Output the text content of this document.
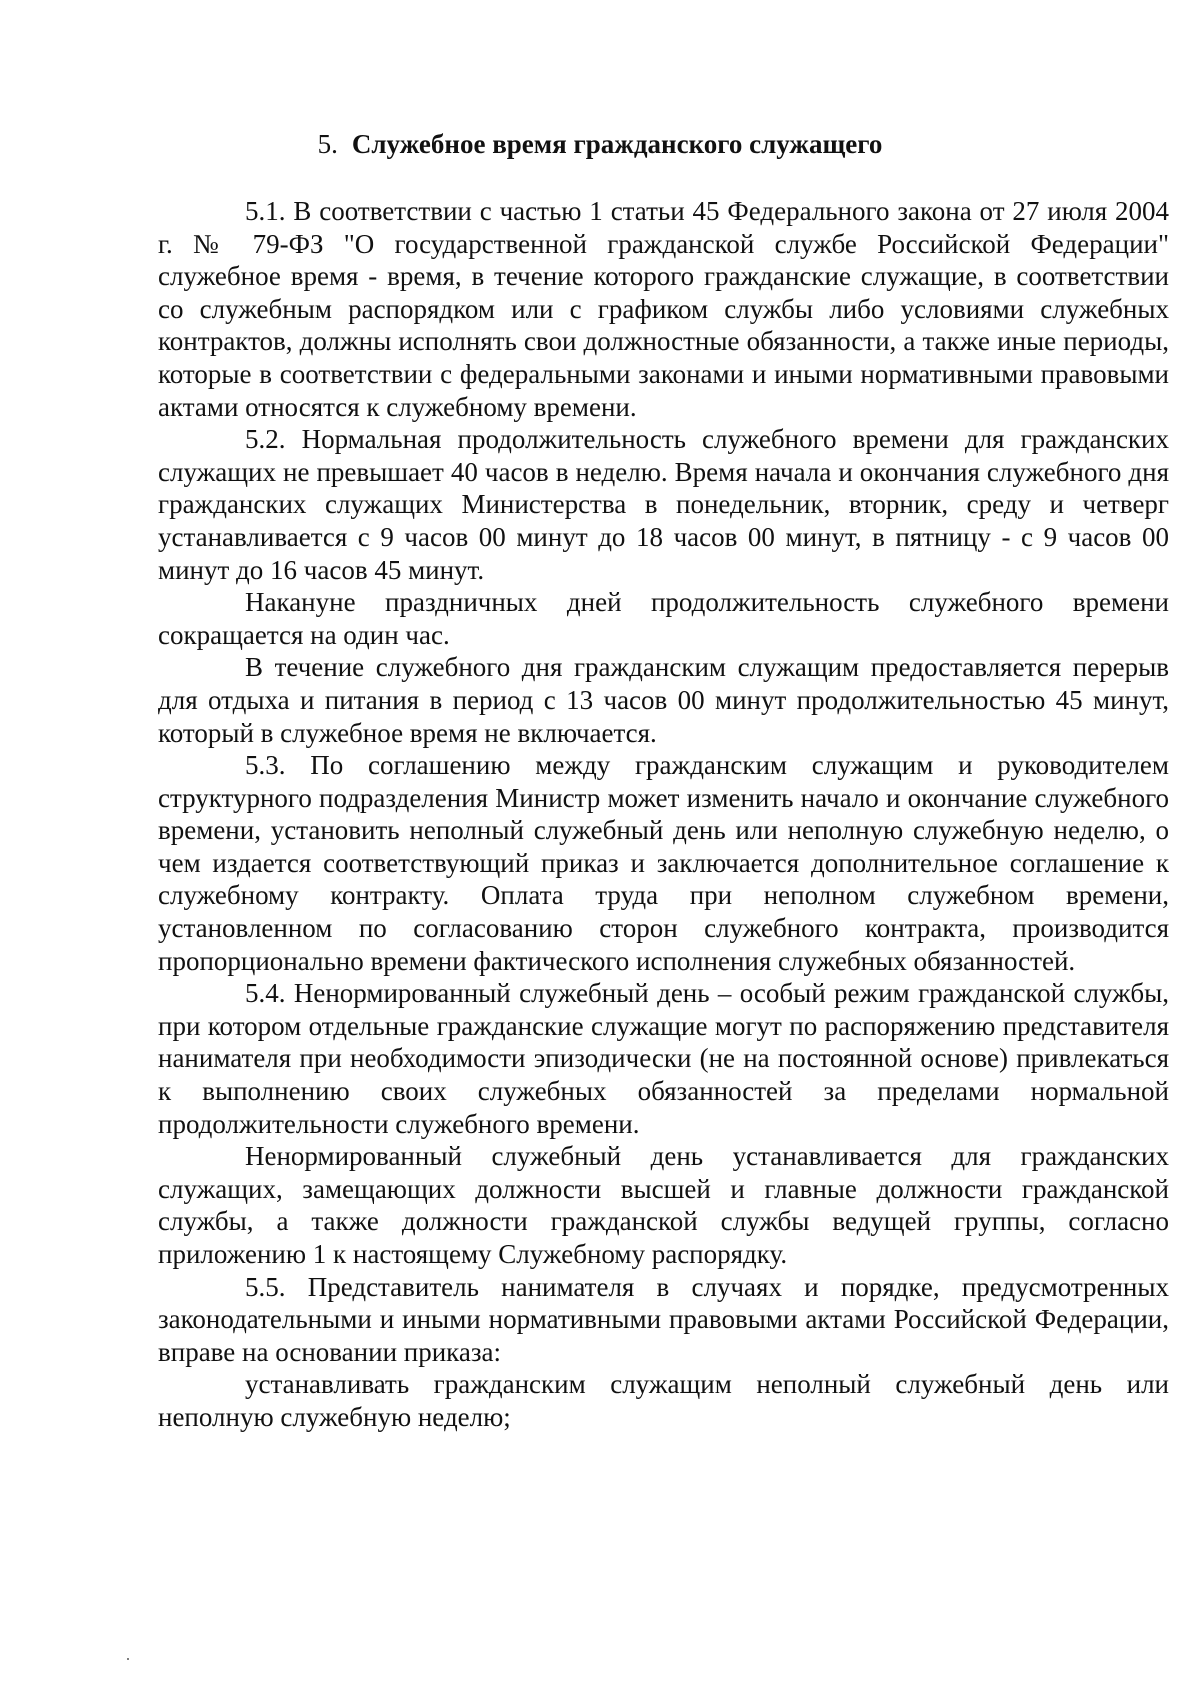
5. Служебное время гражданского служащего

5.1. В соответствии с частью 1 статьи 45 Федерального закона от 27 июля 2004 г. № 79-ФЗ "О государственной гражданской службе Российской Федерации" служебное время - время, в течение которого гражданские служащие, в соответствии со служебным распорядком или с графиком службы либо условиями служебных контрактов, должны исполнять свои должностные обязанности, а также иные периоды, которые в соответствии с федеральными законами и иными нормативными правовыми актами относятся к служебному времени.

5.2. Нормальная продолжительность служебного времени для гражданских служащих не превышает 40 часов в неделю. Время начала и окончания служебного дня гражданских служащих Министерства в понедельник, вторник, среду и четверг устанавливается с 9 часов 00 минут до 18 часов 00 минут, в пятницу - с 9 часов 00 минут до 16 часов 45 минут.

Накануне праздничных дней продолжительность служебного времени сокращается на один час.

В течение служебного дня гражданским служащим предоставляется перерыв для отдыха и питания в период с 13 часов 00 минут продолжительностью 45 минут, который в служебное время не включается.

5.3. По соглашению между гражданским служащим и руководителем структурного подразделения Министр может изменить начало и окончание служебного времени, установить неполный служебный день или неполную служебную неделю, о чем издается соответствующий приказ и заключается дополнительное соглашение к служебному контракту. Оплата труда при неполном служебном времени, установленном по согласованию сторон служебного контракта, производится пропорционально времени фактического исполнения служебных обязанностей.

5.4. Ненормированный служебный день – особый режим гражданской службы, при котором отдельные гражданские служащие могут по распоряжению представителя нанимателя при необходимости эпизодически (не на постоянной основе) привлекаться к выполнению своих служебных обязанностей за пределами нормальной продолжительности служебного времени.

Ненормированный служебный день устанавливается для гражданских служащих, замещающих должности высшей и главные должности гражданской службы, а также должности гражданской службы ведущей группы, согласно приложению 1 к настоящему Служебному распорядку.

5.5. Представитель нанимателя в случаях и порядке, предусмотренных законодательными и иными нормативными правовыми актами Российской Федерации, вправе на основании приказа:

устанавливать гражданским служащим неполный служебный день или неполную служебную неделю;
